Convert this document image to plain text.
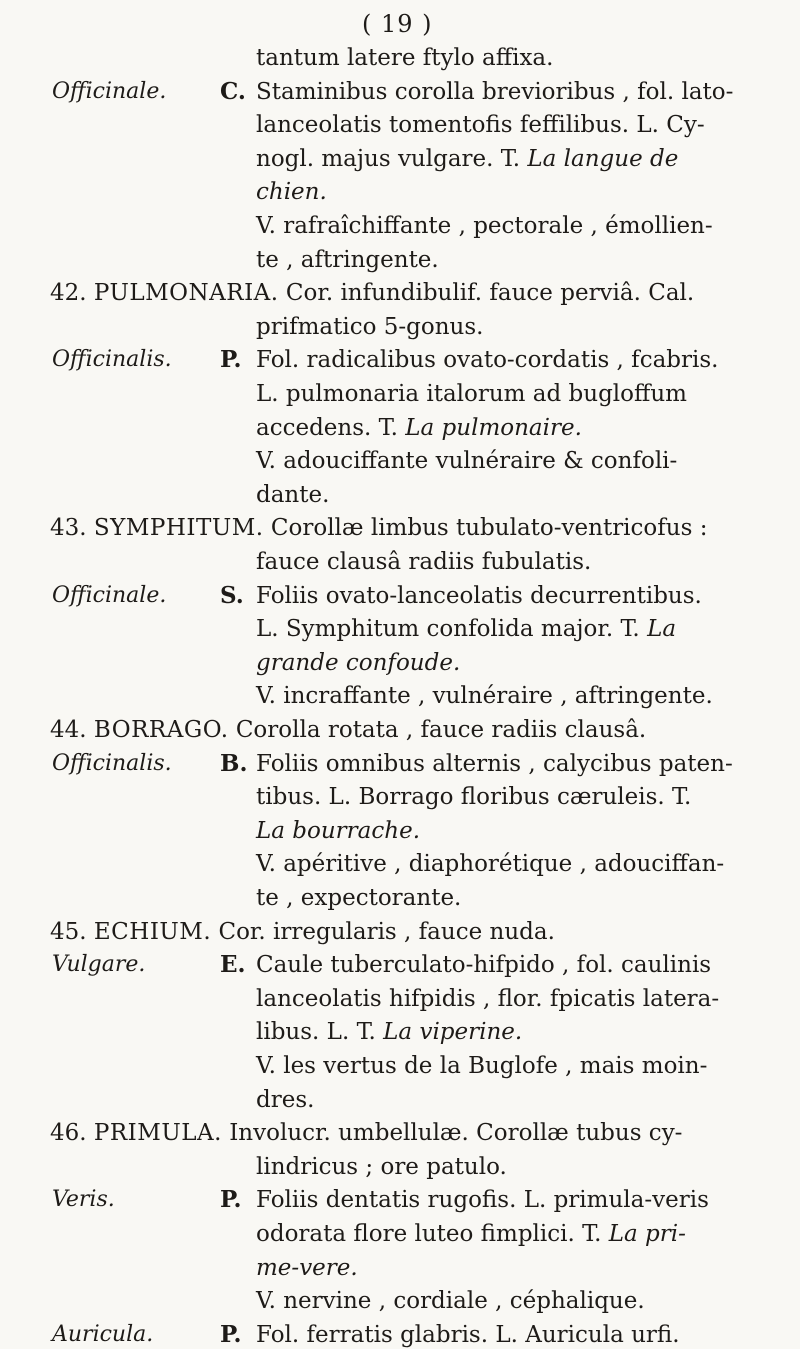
( 19 )
tantum latere ftylo affixa.
Officinale. C. Staminibus corolla brevioribus , fol. lato-
lanceolatis tomentofis feffilibus. L. Cy-
nogl. majus vulgare. T. La langue de
chien.
V. rafraîchiffante , pectorale , émollien-
te , aftringente.
42. PULMONARIA. Cor. infundibulif. fauce perviâ. Cal.
prifmatico 5-gonus.
Officinalis. P. Fol. radicalibus ovato-cordatis , fcabris.
L. pulmonaria italorum ad bugloffum
accedens. T. La pulmonaire.
V. adouciffante vulnéraire & confoli-
dante.
43. SYMPHITUM. Corollæ limbus tubulato-ventricofus :
fauce clausâ radiis fubulatis.
Officinale. S. Foliis ovato-lanceolatis decurrentibus.
L. Symphitum confolida major. T. La
grande confoude.
V. incraffante , vulnéraire , aftringente.
44. BORRAGO. Corolla rotata , fauce radiis clausâ.
Officinalis. B. Foliis omnibus alternis , calycibus paten-
tibus. L. Borrago floribus cæruleis. T.
La bourrache.
V. apéritive , diaphorétique , adouciffan-
te , expectorante.
45. ECHIUM. Cor. irregularis , fauce nuda.
Vulgare.	E. Caule tuberculato-hifpido , fol. caulinis
lanceolatis hifpidis , flor. fpicatis latera-
libus. L. T. La viperine.
V. les vertus de la Buglofe , mais moin-
dres.
46. PRIMULA. Involucr. umbellulæ. Corollæ tubus cy-
lindricus ; ore patulo.
Veris.	P. Foliis dentatis rugofis. L. primula-veris
odorata flore luteo fimplici. T. La pri-
me-vere.
V. nervine , cordiale , céphalique.
Auricula.	P. Fol. ferratis glabris. L. Auricula urfi.
